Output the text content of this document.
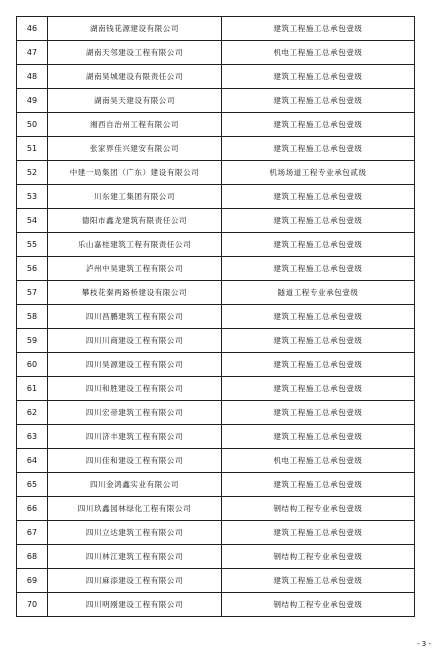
46	湖南钱花源建设有限公司	建筑工程施工总承包壹级
47	湖南天邻建设工程有限公司	机电工程施工总承包壹级
48	湖南昊城建设有限责任公司	建筑工程施工总承包壹级
49	湖南昊天建设有限公司	建筑工程施工总承包壹级
50	湘西自治州工程有限公司	建筑工程施工总承包壹级
51	张家界佳兴建安有限公司	建筑工程施工总承包壹级
52	中建一局集团（广东）建设有限公司	机场场道工程专业承包贰级
53	川东建工集团有限公司	建筑工程施工总承包壹级
54	德阳市鑫龙建筑有限责任公司	建筑工程施工总承包壹级
55	乐山嘉桂建筑工程有限责任公司	建筑工程施工总承包壹级
56	泸州中昊建筑工程有限公司	建筑工程施工总承包壹级
57	攀枝花秦两路桥建设有限公司	隧道工程专业承包壹级
58	四川昌鹏建筑工程有限公司	建筑工程施工总承包壹级
59	四川川商建设工程有限公司	建筑工程施工总承包壹级
60	四川昊源建设工程有限公司	建筑工程施工总承包壹级
61	四川和胜建设工程有限公司	建筑工程施工总承包壹级
62	四川宏帝建筑工程有限公司	建筑工程施工总承包壹级
63	四川济丰建筑工程有限公司	建筑工程施工总承包壹级
64	四川佳和建设工程有限公司	机电工程施工总承包壹级
65	四川金鸿鑫实业有限公司	建筑工程施工总承包壹级
66	四川玖鑫园林绿化工程有限公司	钢结构工程专业承包壹级
67	四川立达建筑工程有限公司	建筑工程施工总承包壹级
68	四川林江建筑工程有限公司	钢结构工程专业承包壹级
69	四川麻添建设工程有限公司	建筑工程施工总承包壹级
70	四川明刚建设工程有限公司	钢结构工程专业承包壹级
- 3 -
